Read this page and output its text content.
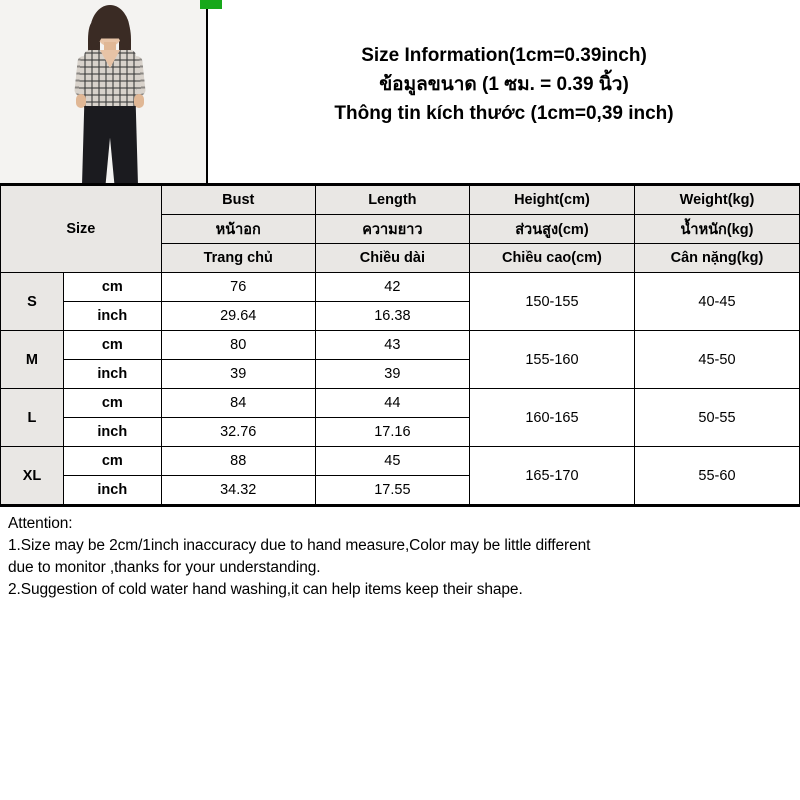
Size Information(1cm=0.39inch)
ข้อมูลขนาด (1 ซม. = 0.39 นิ้ว)
Thông tin kích thước (1cm=0,39 inch)
Size		Bust	Length	Height(cm)	Weight(kg)
		หน้าอก	ความยาว	ส่วนสูง(cm)	น้ำหนัก(kg)
		Trang chủ	Chiều dài	Chiều cao(cm)	Cân nặng(kg)
S	cm	76	42	150-155	40-45
	inch	29.64	16.38		
M	cm	80	43	155-160	45-50
	inch	39	39		
L	cm	84	44	160-165	50-55
	inch	32.76	17.16		
XL	cm	88	45	165-170	55-60
	inch	34.32	17.55		
Attention:
1.Size may be 2cm/1inch inaccuracy due to hand measure,Color may be little different
due to monitor ,thanks for your understanding.
2.Suggestion of cold water hand washing,it can help items keep their shape.
